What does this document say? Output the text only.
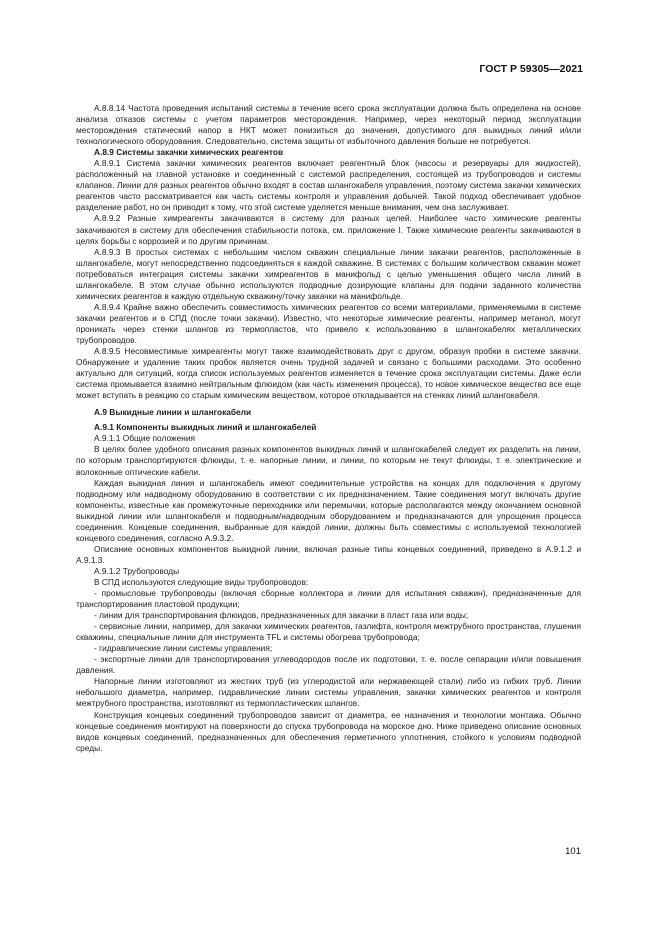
ГОСТ Р 59305—2021

А.8.8.14 Частота проведения испытаний системы в течение всего срока эксплуатации должна быть определена на основе анализа отказов системы с учетом параметров месторождения. Например, через некоторый период эксплуатации месторождения статический напор в НКТ может понизиться до значения, допустимого для выкидных линий и/или технологического оборудования. Следовательно, система защиты от избыточного давления больше не потребуется.

А.8.9 Системы закачки химических реагентов

А.8.9.1 Система закачки химических реагентов включает реагентный блок (насосы и резервуары для жидкостей), расположенный на главной установке и соединенный с системой распределения, состоящей из трубопроводов и системы клапанов. Линии для разных реагентов обычно входят в состав шлангокабеля управления, поэтому система закачки химических реагентов часто рассматривается как часть системы контроля и управления добычей. Такой подход обеспечивает удобное разделение работ, но он приводит к тому, что этой системе уделяется меньше внимания, чем она заслуживает.

А.8.9.2 Разные химреагенты закачиваются в систему для разных целей. Наиболее часто химические реагенты закачиваются в систему для обеспечения стабильности потока, см. приложение I. Также химические реагенты закачиваются в целях борьбы с коррозией и по другим причинам.

А.8.9.3 В простых системах с небольшим числом скважин специальные линии закачки реагентов, расположенные в шлангокабеле, могут непосредственно подсоединяться к каждой скважине. В системах с большим количеством скважин может потребоваться интеграция системы закачки химреагентов в манифольд с целью уменьшения общего числа линий в шлангокабеле. В этом случае обычно используются подводные дозирующие клапаны для подачи заданного количества химических реагентов в каждую отдельную скважину/точку закачки на манифольде.

А.8.9.4 Крайне важно обеспечить совместимость химических реагентов со всеми материалами, применяемыми в системе закачки реагентов и в СПД (после точки закачки). Известно, что некоторые химические реагенты, например метанол, могут проникать через стенки шлангов из термопластов, что привело к использованию в шлангокабелях металлических трубопроводов.

А.8.9.5 Несовместимые химреагенты могут также взаимодействовать друг с другом, образуя пробки в системе закачки. Обнаружение и удаление таких пробок является очень трудной задачей и связано с большими расходами. Это особенно актуально для ситуаций, когда список используемых реагентов изменяется в течение срока эксплуатации системы. Даже если система промывается взаимно нейтральным флюидом (как часть изменения процесса), то новое химическое вещество все еще может вступать в реакцию со старым химическим веществом, которое откладывается на стенках линий шлангокабеля.

А.9 Выкидные линии и шлангокабели
А.9.1 Компоненты выкидных линий и шлангокабелей

А.9.1.1 Общие положения

В целях более удобного описания разных компонентов выкидных линий и шлангокабелей следует их разделить на линии, по которым транспортируются флюиды, т. е. напорные линии, и линии, по которым не текут флюиды, т. е. электрические и волоконные оптические кабели.

Каждая выкидная линия и шлангокабель имеют соединительные устройства на концах для подключения к другому подводному или надводному оборудованию в соответствии с их предназначением. Такие соединения могут включать другие компоненты, известные как промежуточные переходники или перемычки, которые располагаются между окончанием основной выкидной линии или шлангокабеля и подводным/надводным оборудованием и предназначаются для упрощения процесса соединения. Концевые соединения, выбранные для каждой линии, должны быть совместимы с используемой технологией концевого соединения, согласно А.9.3.2.

Описание основных компонентов выкидной линии, включая разные типы концевых соединений, приведено в А.9.1.2 и А.9.1.3.

А.9.1.2 Трубопроводы

В СПД используются следующие виды трубопроводов:

- промысловые трубопроводы (включая сборные коллектора и линии для испытания скважин), предназначенные для транспортирования пластовой продукции;

- линии для транспортирования флюидов, предназначенных для закачки в пласт газа или воды;

- сервисные линии, например, для закачки химических реагентов, газлифта, контроля межтрубного пространства, глушения скважины, специальные линии для инструмента TFL и системы обогрева трубопровода;

- гидравлические линии системы управления;

- экспортные линии для транспортирования углеводородов после их подготовки, т. е. после сепарации и/или повышения давления.

Напорные линии изготовляют из жестких труб (из углеродистой или нержавеющей стали) либо из гибких труб. Линии небольшого диаметра, например, гидравлические линии системы управления, закачки химических реагентов и контроля межтрубного пространства, изготовляют из термопластических шлангов.

Конструкция концевых соединений трубопроводов зависит от диаметра, ее назначения и технологии монтажа. Обычно концевые соединения монтируют на поверхности до спуска трубопровода на морское дно. Ниже приведено описание основных видов концевых соединений, предназначенных для обеспечения герметичного уплотнения, стойкого к условиям подводной среды.

101
